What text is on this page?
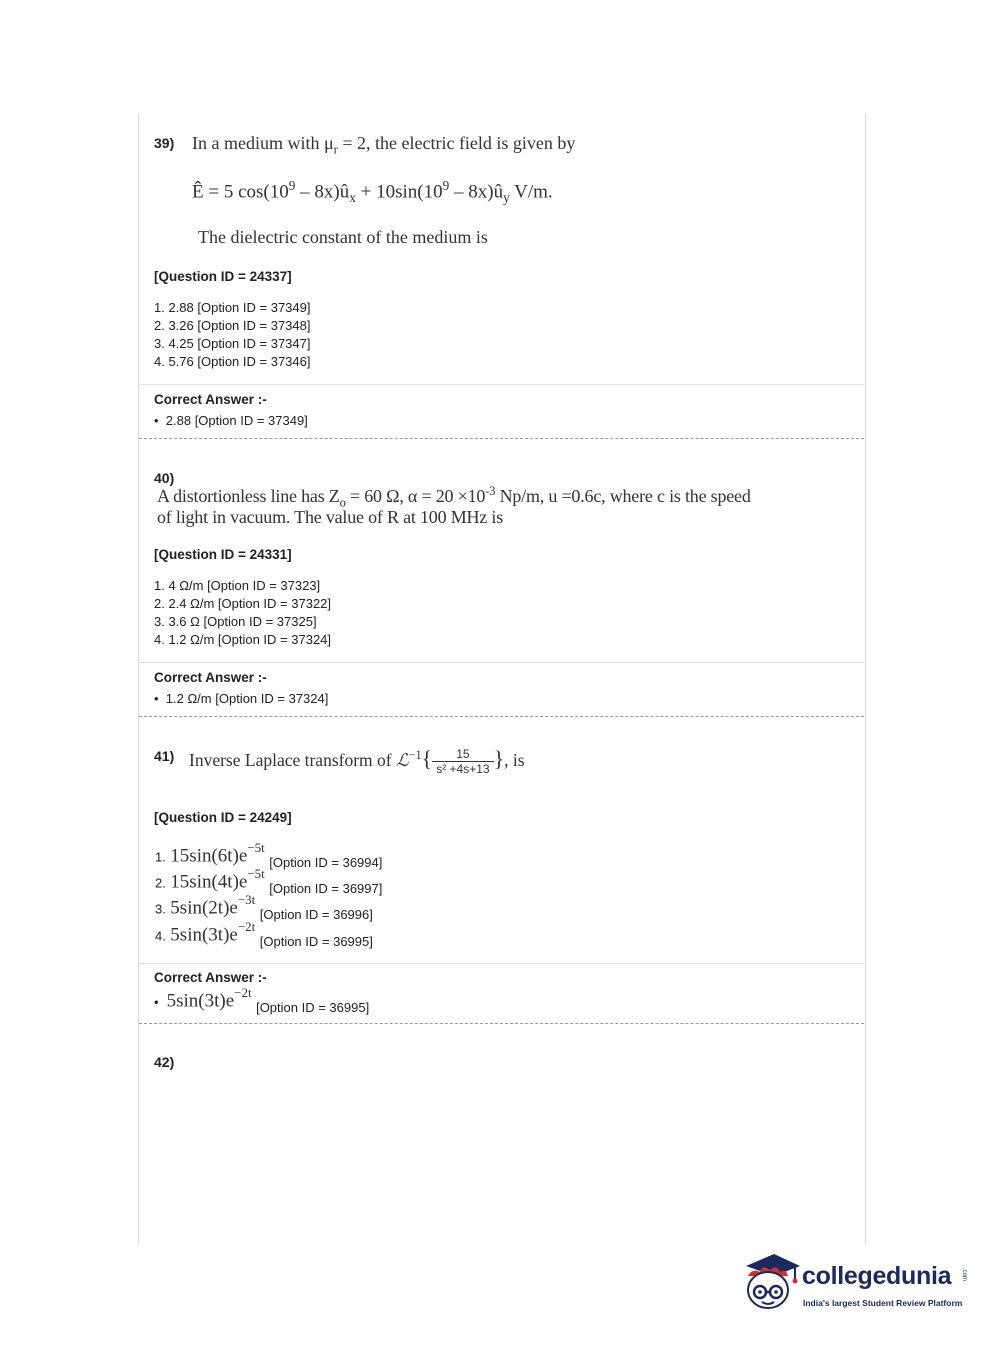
39) In a medium with $\mu_r = 2$, the electric field is given by
Ê = 5 $\cos(10^9$ – $8x)û_x + 10\sin(10^9$ – $8x)û_y$ V/m.
The dielectric constant of the medium is
[Question ID = 24337]
1. 2.88 [Option ID = 37349]
2. 3.26 [Option ID = 37348]
3. 4.25 [Option ID = 37347]
4. 5.76 [Option ID = 37346]
Correct Answer :-
•  2.88 [Option ID = 37349]
40)
A distortionless line has $Z_o = 60$ Ω, $\alpha = 20 \times 10^{-3}$ Np/m, u =0.6c, where c is the speed
of light in vacuum. The value of R at 100 MHz is
[Question ID = 24331]
1. 4 Ω/m [Option ID = 37323]
2. 2.4 Ω/m [Option ID = 37322]
3. 3.6 Ω [Option ID = 37325]
4. 1.2 Ω/m [Option ID = 37324]
Correct Answer :-
•  1.2 Ω/m [Option ID = 37324]
41) Inverse Laplace transform of ℒ$^{-1}${ $\frac{15}{\text{s² +4s+13}}$ }, is
[Question ID = 24249]
1. $15\sin(6t)e^{-5t}$ $_{[Option ID = 36994]}$
2. $15\sin(4t)e^{-5t}$ $_{[Option ID = 36997]}$
3. $5\sin(2t)e^{-3t}$ $_{[Option ID = 36996]}$
4. $5\sin(3t)e^{-2t}$ $_{[Option ID = 36995]}$
Correct Answer :-
•  $5\sin(3t)e^{-2t}$ $_{[Option ID = 36995]}$
42)
collegedunia .com
India's largest Student Review Platform
